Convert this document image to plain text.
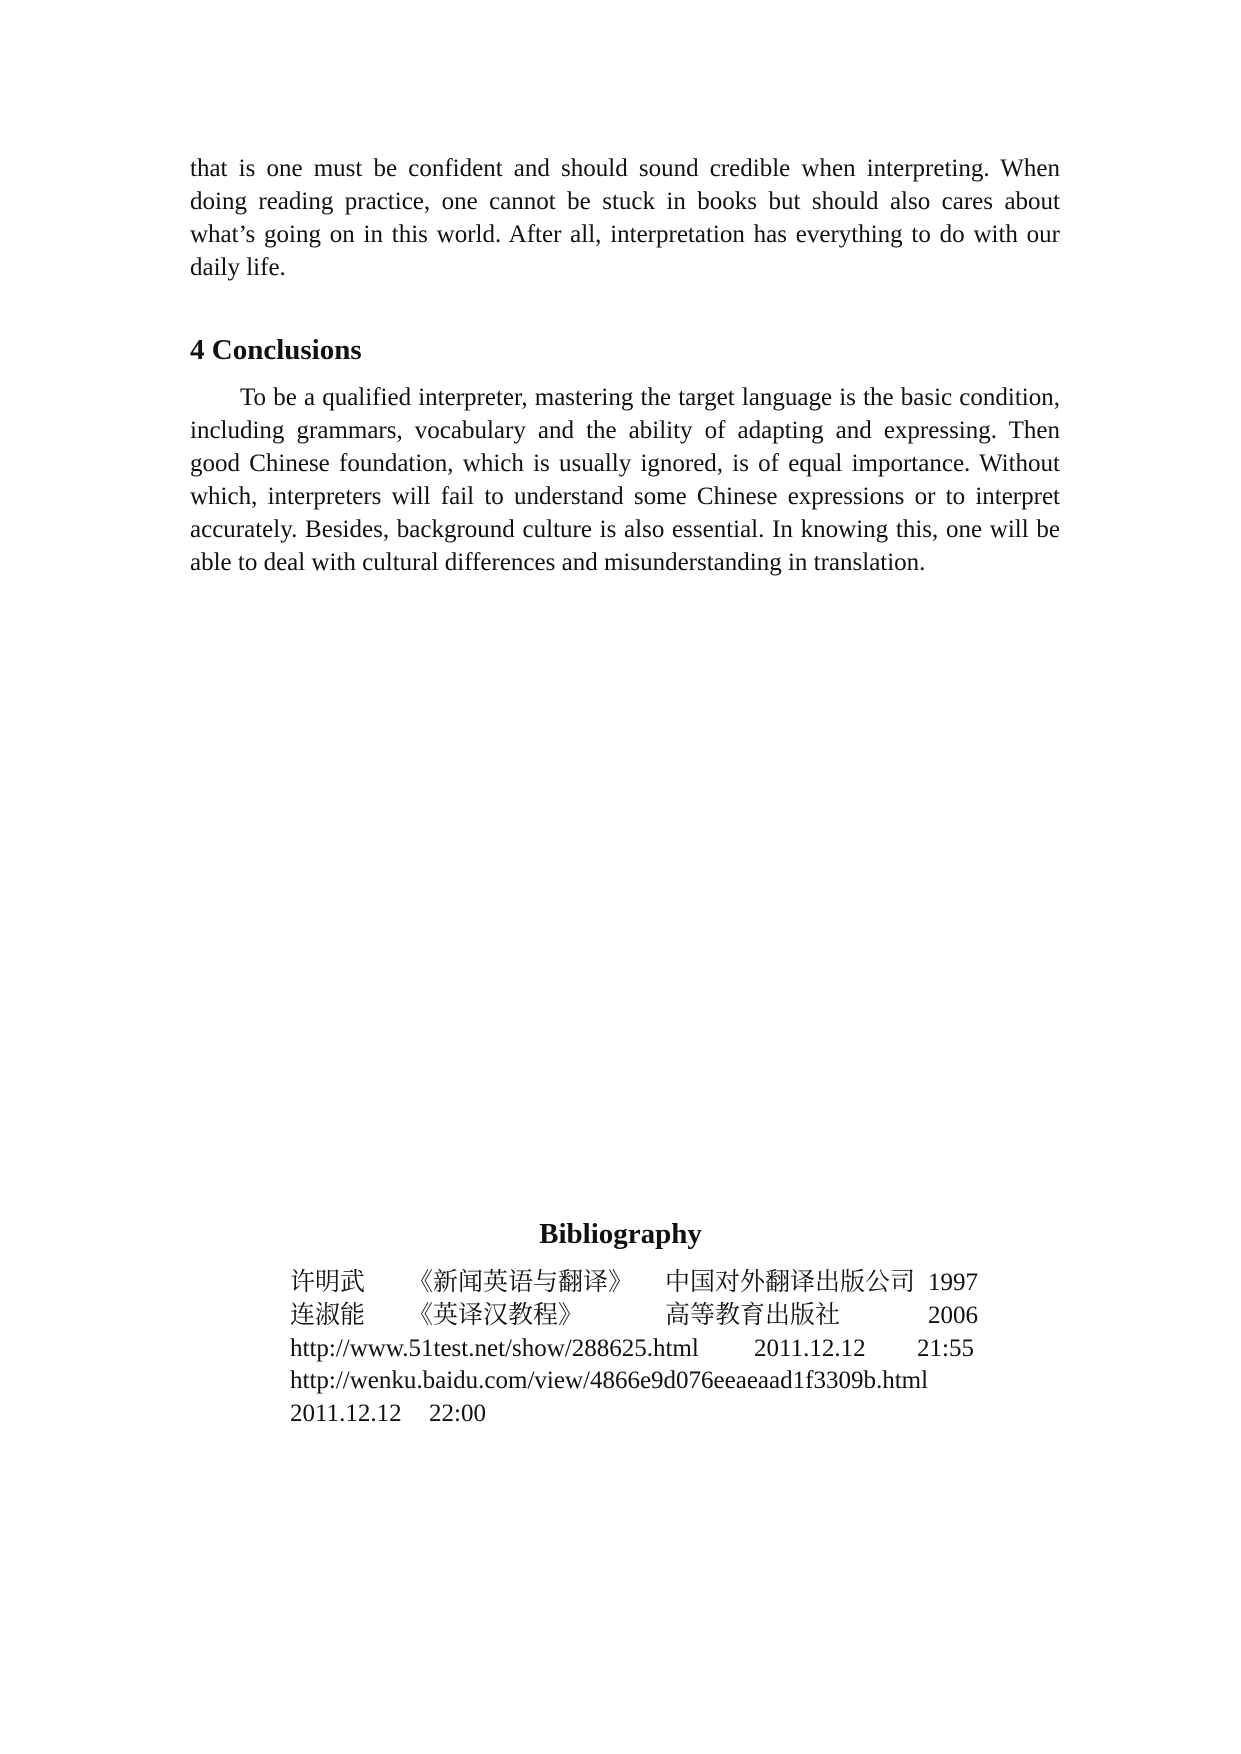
that is one must be confident and should sound credible when interpreting. When
doing reading practice, one cannot be stuck in books but should also cares about
what’s going on in this world. After all, interpretation has everything to do with our
daily life.
4 Conclusions
To be a qualified interpreter, mastering the target language is the basic condition,
including grammars, vocabulary and the ability of adapting and expressing. Then
good Chinese foundation, which is usually ignored, is of equal importance. Without
which, interpreters will fail to understand some Chinese expressions or to interpret
accurately. Besides, background culture is also essential. In knowing this, one will be
able to deal with cultural differences and misunderstanding in translation.
Bibliography
许明武 《新闻英语与翻译》 中国对外翻译出版公司 1997
连淑能 《英译汉教程》	高等教育出版社	2006
http://www.51test.net/show/288625.html 2011.12.12 21:55
http://wenku.baidu.com/view/4866e9d076eeaeaad1f3309b.html
2011.12.12 22:00
